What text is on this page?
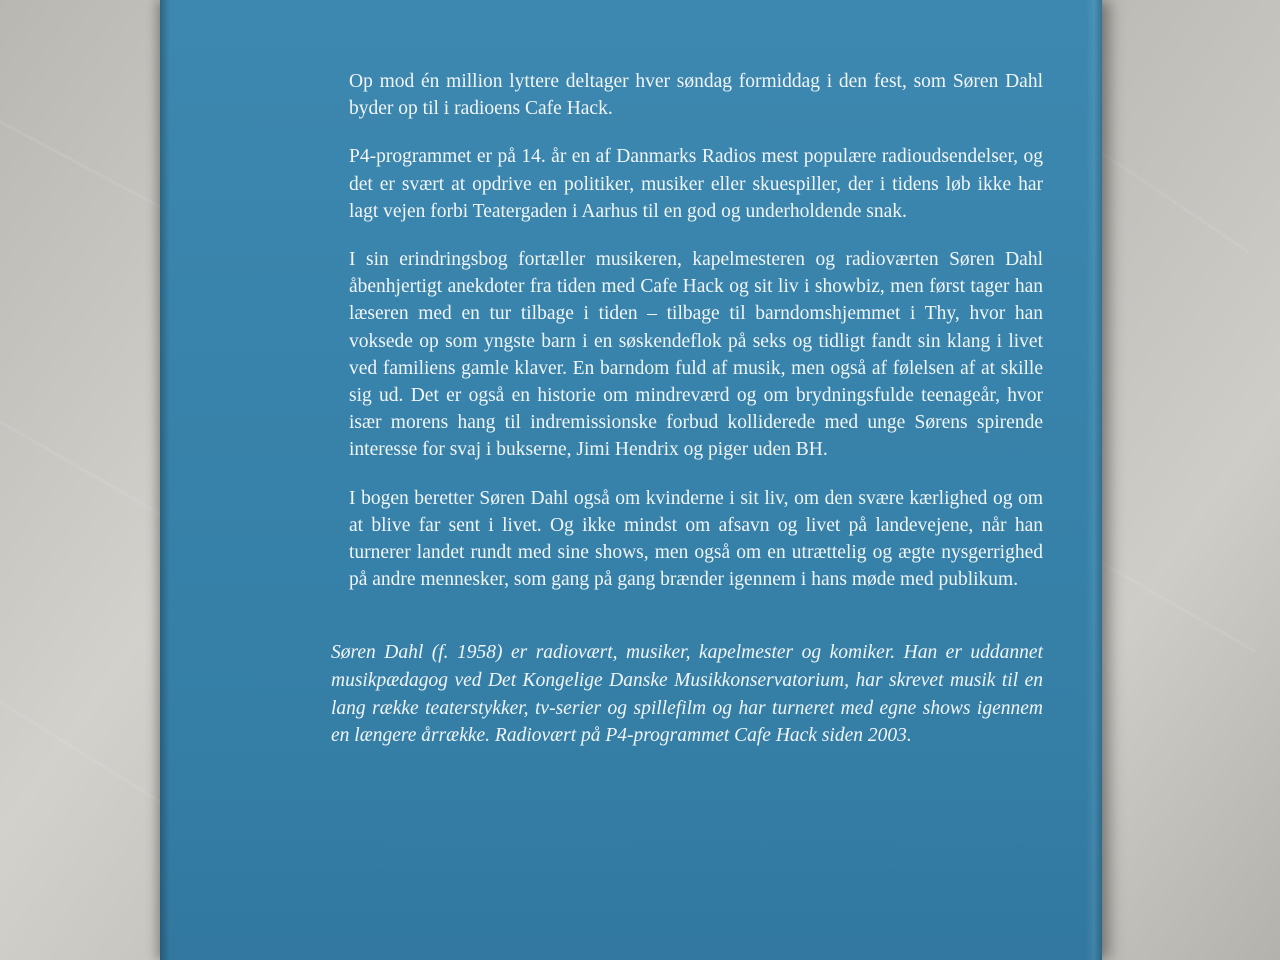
Op mod én million lyttere deltager hver søndag formiddag i den fest, som Søren Dahl byder op til i radioens Cafe Hack.

P4-programmet er på 14. år en af Danmarks Radios mest populære radioudsendelser, og det er svært at opdrive en politiker, musiker eller skuespiller, der i tidens løb ikke har lagt vejen forbi Teatergaden i Aarhus til en god og underholdende snak.

I sin erindringsbog fortæller musikeren, kapelmesteren og radioværten Søren Dahl åbenhjertigt anekdoter fra tiden med Cafe Hack og sit liv i showbiz, men først tager han læseren med en tur tilbage i tiden – tilbage til barndomshjemmet i Thy, hvor han voksede op som yngste barn i en søskendeflok på seks og tidligt fandt sin klang i livet ved familiens gamle klaver. En barndom fuld af musik, men også af følelsen af at skille sig ud. Det er også en historie om mindreværd og om brydningsfulde teenageår, hvor især morens hang til indremissionske forbud kolliderede med unge Sørens spirende interesse for svaj i bukserne, Jimi Hendrix og piger uden BH.

I bogen beretter Søren Dahl også om kvinderne i sit liv, om den svære kærlighed og om at blive far sent i livet. Og ikke mindst om afsavn og livet på landevejene, når han turnerer landet rundt med sine shows, men også om en utrættelig og ægte nysgerrighed på andre mennesker, som gang på gang brænder igennem i hans møde med publikum.

Søren Dahl (f. 1958) er radiovært, musiker, kapelmester og komiker. Han er uddannet musikpædagog ved Det Kongelige Danske Musikkonservatorium, har skrevet musik til en lang række teaterstykker, tv-serier og spillefilm og har turneret med egne shows igennem en længere årrække. Radiovært på P4-programmet Cafe Hack siden 2003.
